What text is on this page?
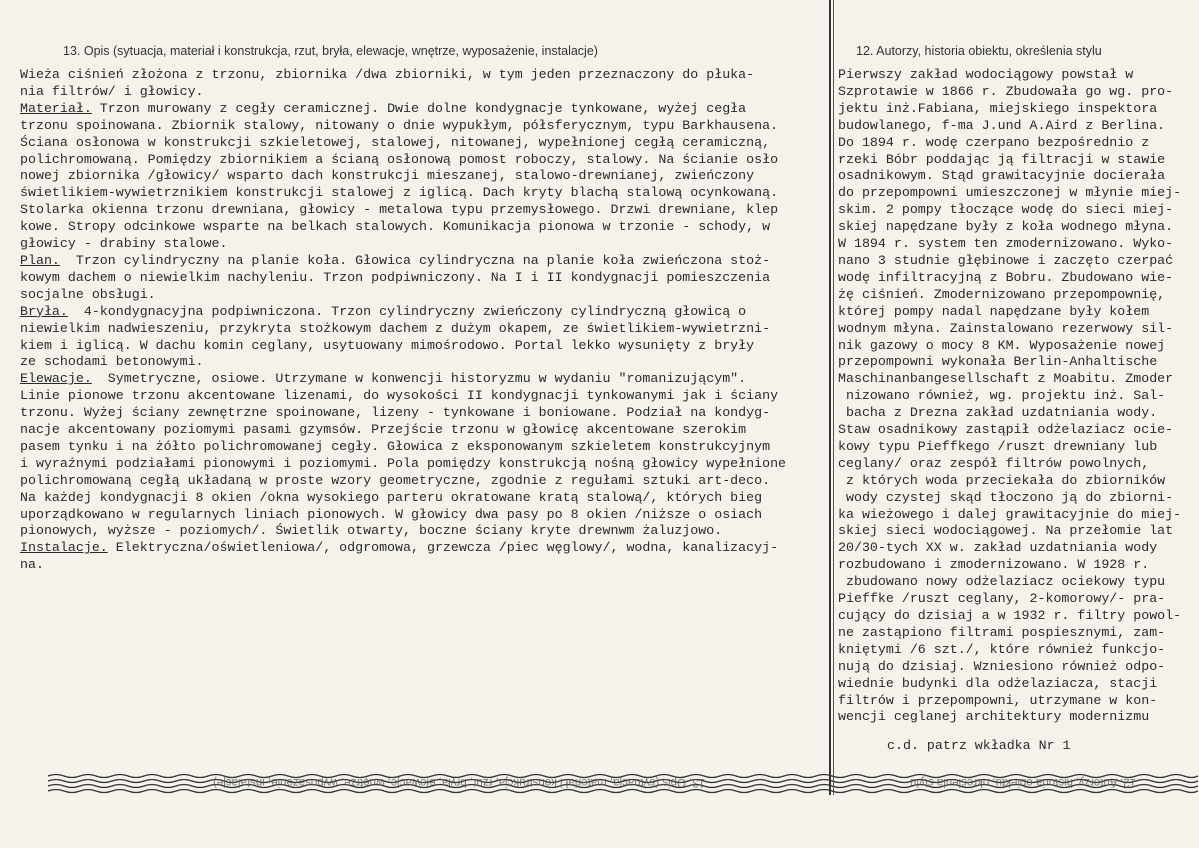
13. Opis (sytuacja, materiał i konstrukcja, rzut, bryła, elewacje, wnętrze, wyposażenie, instalacje)	12. Autorzy, historia obiektu, określenia stylu
Wieża ciśnień złożona z trzonu, zbiornika /dwa zbiorniki, w tym jeden przeznaczony do płuka-
nia filtrów/ i głowicy.
Materiał. Trzon murowany z cegły ceramicznej. Dwie dolne kondygnacje tynkowane, wyżej cegła
trzonu spoinowana. Zbiornik stalowy, nitowany o dnie wypukłym, półsferycznym, typu Barkhausena.
Ściana osłonowa w konstrukcji szkieletowej, stalowej, nitowanej, wypełnionej cegłą ceramiczną,
polichromowaną. Pomiędzy zbiornikiem a ścianą osłonową pomost roboczy, stalowy. Na ścianie osło
nowej zbiornika /głowicy/ wsparto dach konstrukcji mieszanej, stalowo-drewnianej, zwieńczony
świetlikiem-wywietrznikiem konstrukcji stalowej z iglicą. Dach kryty blachą stalową ocynkowaną.
Stolarka okienna trzonu drewniana, głowicy - metalowa typu przemysłowego. Drzwi drewniane, klep
kowe. Stropy odcinkowe wsparte na belkach stalowych. Komunikacja pionowa w trzonie - schody, w
głowicy - drabiny stalowe.
Plan.  Trzon cylindryczny na planie koła. Głowica cylindryczna na planie koła zwieńczona stoż-
kowym dachem o niewielkim nachyleniu. Trzon podpiwniczony. Na I i II kondygnacji pomieszczenia
socjalne obsługi.
Bryła.  4-kondygnacyjna podpiwniczona. Trzon cylindryczny zwieńczony cylindryczną głowicą o
niewielkim nadwieszeniu, przykryta stożkowym dachem z dużym okapem, ze świetlikiem-wywietrzni-
kiem i iglicą. W dachu komin ceglany, usytuowany mimośrodowo. Portal lekko wysunięty z bryły
ze schodami betonowymi.
Elewacje.  Symetryczne, osiowe. Utrzymane w konwencji historyzmu w wydaniu "romanizującym".
Linie pionowe trzonu akcentowane lizenami, do wysokości II kondygnacji tynkowanymi jak i ściany
trzonu. Wyżej ściany zewnętrzne spoinowane, lizeny - tynkowane i boniowane. Podział na kondyg-
nacje akcentowany poziomymi pasami gzymsów. Przejście trzonu w głowicę akcentowane szerokim
pasem tynku i na żółto polichromowanej cegły. Głowica z eksponowanym szkieletem konstrukcyjnym
i wyraźnymi podziałami pionowymi i poziomymi. Pola pomiędzy konstrukcją nośną głowicy wypełnione
polichromowaną cegłą układaną w proste wzory geometryczne, zgodnie z regułami sztuki art-deco.
Na każdej kondygnacji 8 okien /okna wysokiego parteru okratowane kratą stalową/, których bieg
uporządkowano w regularnych liniach pionowych. W głowicy dwa pasy po 8 okien /niższe o osiach
pionowych, wyższe - poziomych/. Świetlik otwarty, boczne ściany kryte drewnwm żaluzjowo.
Instalacje. Elektryczna/oświetleniowa/, odgromowa, grzewcza /piec węglowy/, wodna, kanalizacyj-
na.
Pierwszy zakład wodociągowy powstał w
Szprotawie w 1866 r. Zbudowała go wg. pro-
jektu inż.Fabiana, miejskiego inspektora
budowlanego, f-ma J.und A.Aird z Berlina.
Do 1894 r. wodę czerpano bezpośrednio z
rzeki Bóbr poddając ją filtracji w stawie
osadnikowym. Stąd grawitacyjnie docierała
do przepompowni umieszczonej w młynie miej-
skim. 2 pompy tłoczące wodę do sieci miej-
skiej napędzane były z koła wodnego młyna.
W 1894 r. system ten zmodernizowano. Wyko-
nano 3 studnie głębinowe i zaczęto czerpać
wodę infiltracyjną z Bobru. Zbudowano wie-
żę ciśnień. Zmodernizowano przepompownię,
której pompy nadal napędzane były kołem
wodnym młyna. Zainstalowano rezerwowy sil-
nik gazowy o mocy 8 KM. Wyposażenie nowej
przepompowni wykonała Berlin-Anhaltische
Maschinanbangesellschaft z Moabitu. Zmoder
nizowano również, wg. projektu inż. Sal-
bacha z Drezna zakład uzdatniania wody.
Staw osadnikowy zastąpił odżelaziacz ocie-
kowy typu Pieffkego /ruszt drewniany lub
ceglany/ oraz zespół filtrów powolnych,
z których woda przeciekała do zbiorników
wody czystej skąd tłoczono ją do zbiorni-
ka wieżowego i dalej grawitacyjnie do miej-
skiej sieci wodociągowej. Na przełomie lat
20/30-tych XX w. zakład uzdatniania wody
rozbudowano i zmodernizowano. W 1928 r.
zbudowano nowy odżelaziacz ociekowy typu
Pieffke /ruszt ceglany, 2-komorowy/- pra-
cujący do dzisiaj a w 1932 r. filtry powol-
ne zastąpiono filtrami pospiesznymi, zam-
kniętymi /6 szt./, które również funkcjo-
nują do dzisiaj. Wzniesiono również odpo-
wiednie budynki dla odżelaziacza, stacji
filtrów i przepompowni, utrzymane w kon-
wencji ceglanej architektury modernizmu
c.d. patrz wkładka Nr 1
13. Opis (sytuacja, materiał i konstrukcja, rzut, bryła, elewacje, wnętrze, wyposażenie, instalacje)	12. Autorzy, historia obiektu, określenia stylu
